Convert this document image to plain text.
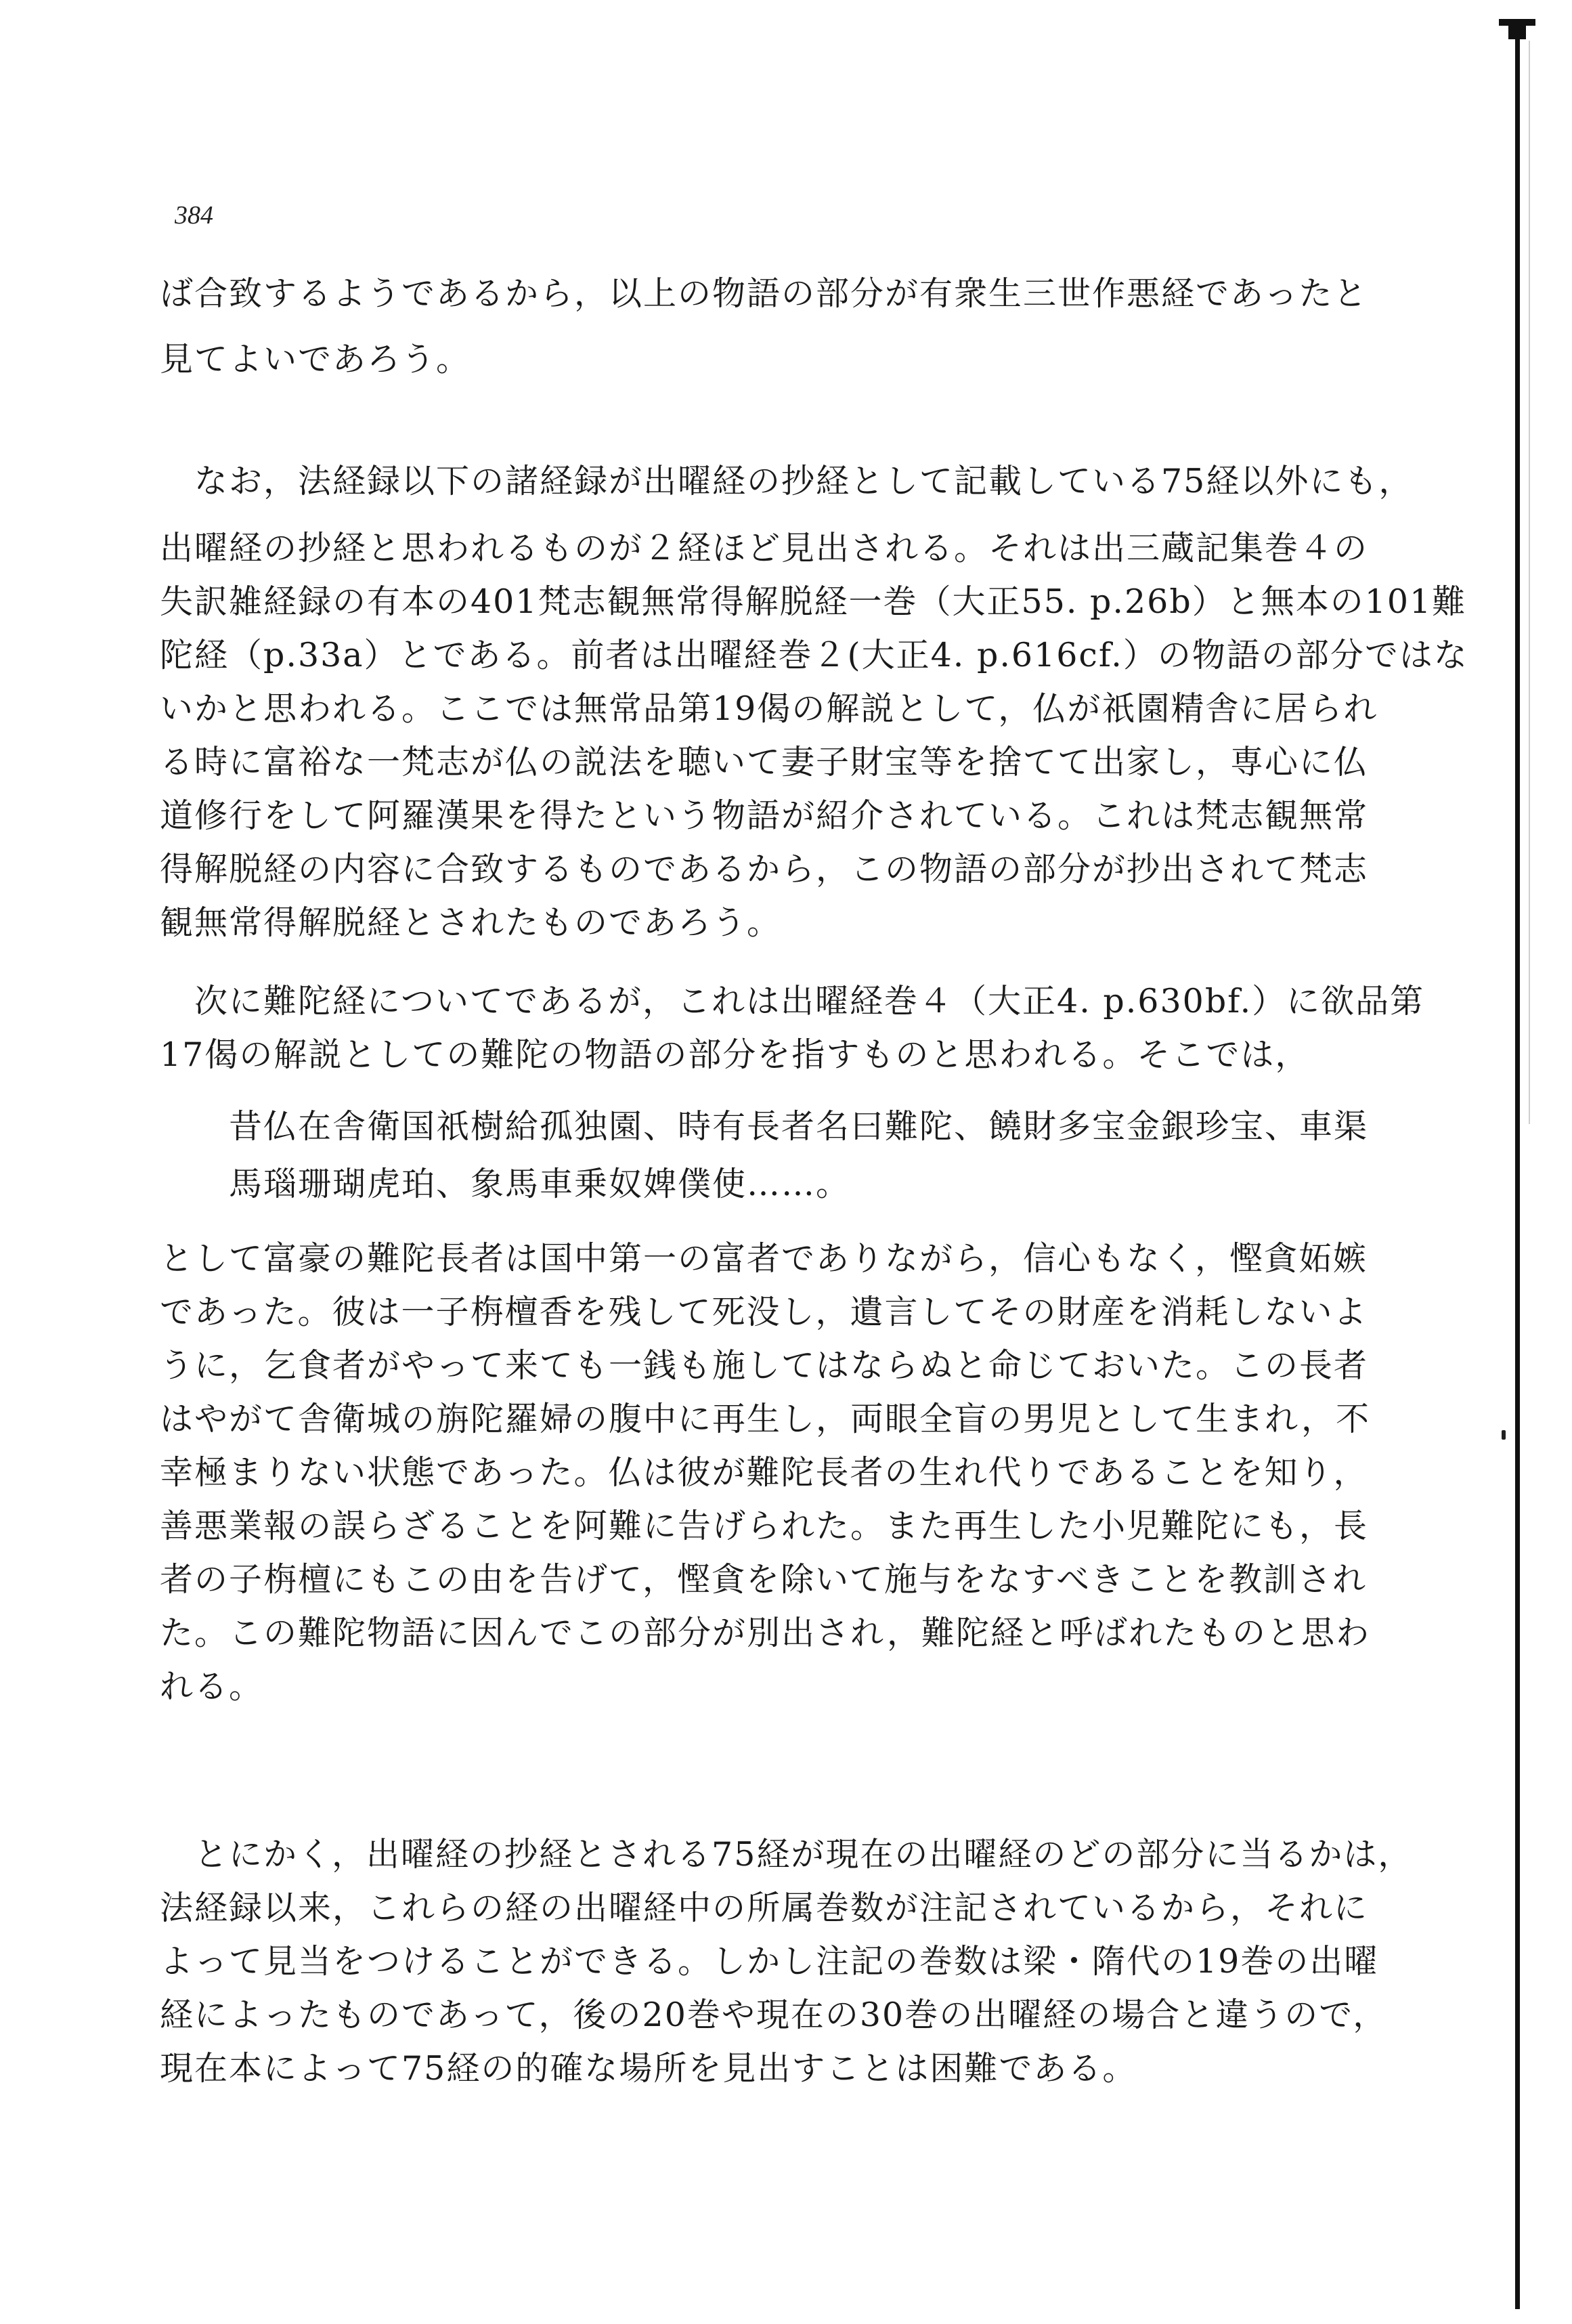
384
ば合致するようであるから，以上の物語の部分が有衆生三世作悪経であったと
見てよいであろう。
　なお，法経録以下の諸経録が出曜経の抄経として記載している75経以外にも，
出曜経の抄経と思われるものが２経ほど見出される。それは出三蔵記集巻４の
失訳雑経録の有本の401梵志観無常得解脱経一巻（大正55. p.26b）と無本の101難
陀経（p.33a）とである。前者は出曜経巻２(大正4. p.616cf.）の物語の部分ではな
いかと思われる。ここでは無常品第19偈の解説として，仏が祇園精舎に居られ
る時に富裕な一梵志が仏の説法を聴いて妻子財宝等を捨てて出家し，専心に仏
道修行をして阿羅漢果を得たという物語が紹介されている。これは梵志観無常
得解脱経の内容に合致するものであるから，この物語の部分が抄出されて梵志
観無常得解脱経とされたものであろう。
　次に難陀経についてであるが，これは出曜経巻４（大正4. p.630bf.）に欲品第
17偈の解説としての難陀の物語の部分を指すものと思われる。そこでは，
昔仏在舎衛国祇樹給孤独園、時有長者名曰難陀、饒財多宝金銀珍宝、車渠
馬瑙珊瑚虎珀、象馬車乗奴婢僕使……。
として富豪の難陀長者は国中第一の富者でありながら，信心もなく，慳貪妬嫉
であった。彼は一子栴檀香を残して死没し，遺言してその財産を消耗しないよ
うに，乞食者がやって来ても一銭も施してはならぬと命じておいた。この長者
はやがて舎衛城の旃陀羅婦の腹中に再生し，両眼全盲の男児として生まれ，不
幸極まりない状態であった。仏は彼が難陀長者の生れ代りであることを知り，
善悪業報の誤らざることを阿難に告げられた。また再生した小児難陀にも，長
者の子栴檀にもこの由を告げて，慳貪を除いて施与をなすべきことを教訓され
た。この難陀物語に因んでこの部分が別出され，難陀経と呼ばれたものと思わ
れる。
　とにかく，出曜経の抄経とされる75経が現在の出曜経のどの部分に当るかは，
法経録以来，これらの経の出曜経中の所属巻数が注記されているから，それに
よって見当をつけることができる。しかし注記の巻数は梁・隋代の19巻の出曜
経によったものであって，後の20巻や現在の30巻の出曜経の場合と違うので，
現在本によって75経の的確な場所を見出すことは困難である。
